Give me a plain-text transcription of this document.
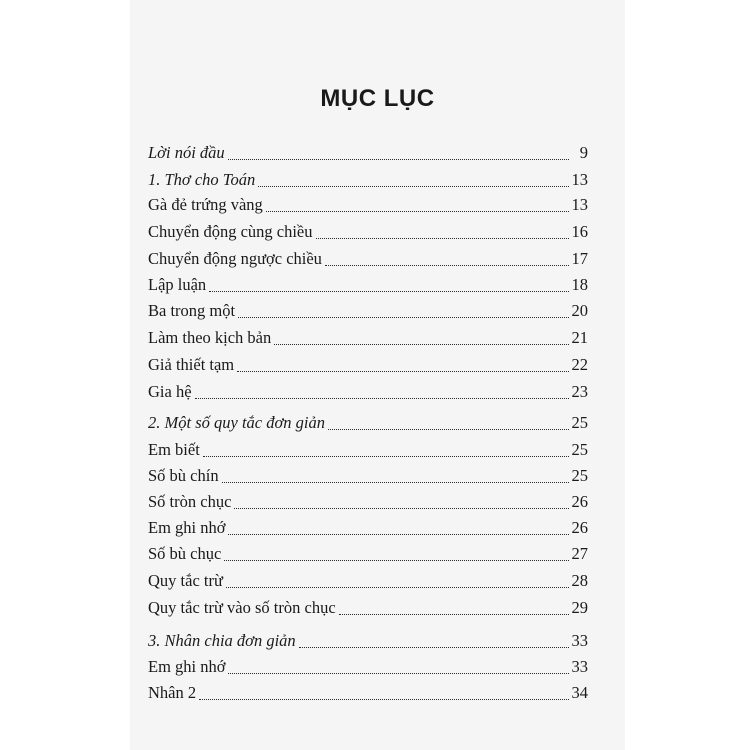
MỤC LỤC
Lời nói đầu	9
1. Thơ cho Toán	13
Gà đẻ trứng vàng	13
Chuyển động cùng chiều	16
Chuyển động ngược chiều	17
Lập luận	18
Ba trong một	20
Làm theo kịch bản	21
Giả thiết tạm	22
Gia hệ	23
2. Một số quy tắc đơn giản	25
Em biết	25
Số bù chín	25
Số tròn chục	26
Em ghi nhớ	26
Số bù chục	27
Quy tắc trừ	28
Quy tắc trừ vào số tròn chục	29
3. Nhân chia đơn giản	33
Em ghi nhớ	33
Nhân 2	34
